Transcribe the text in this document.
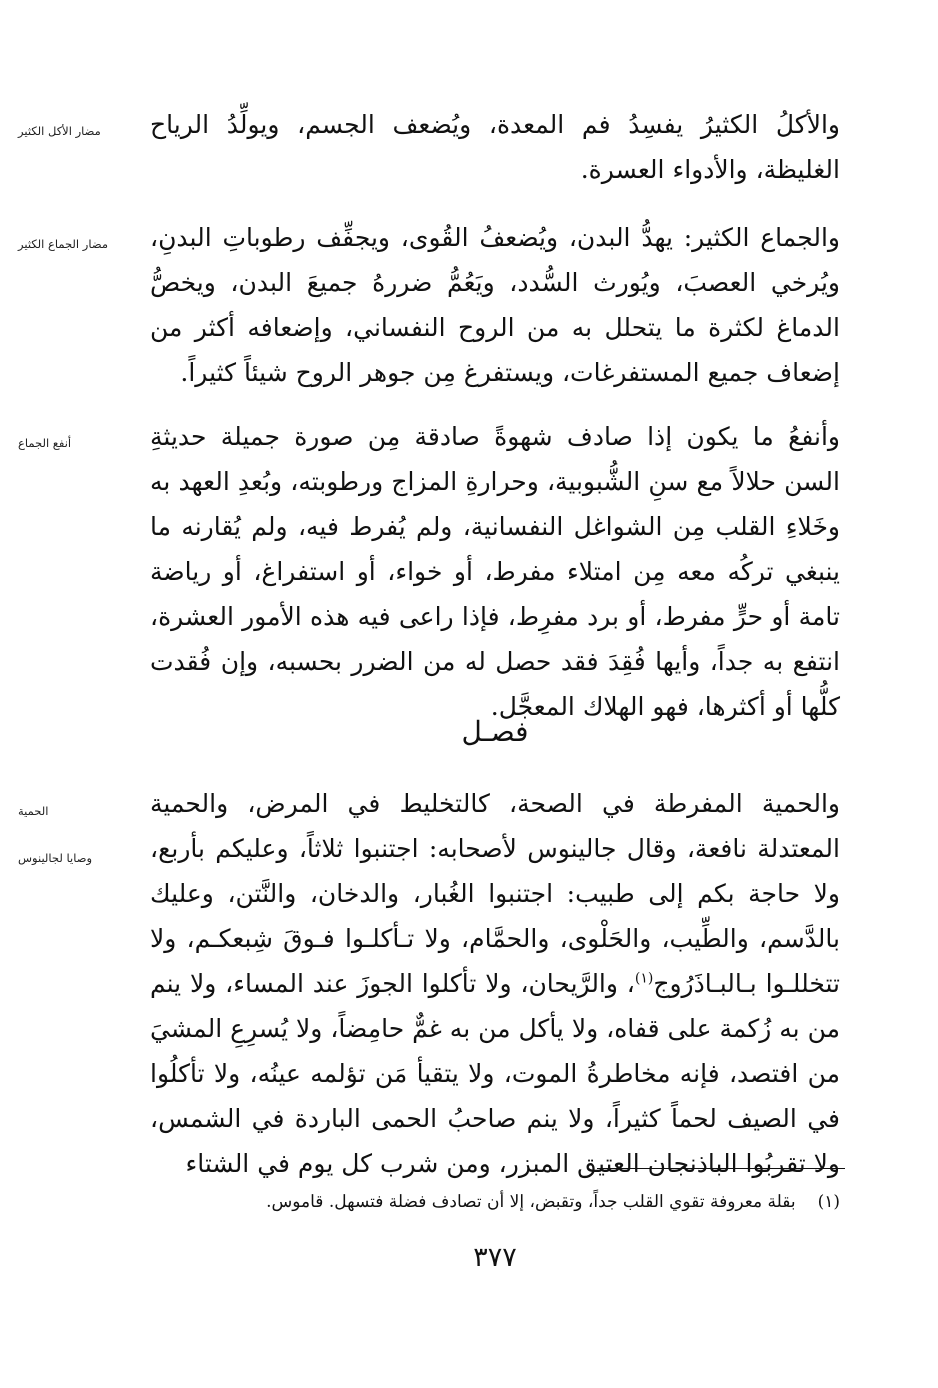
مضار الأكل الكثير	والأكلُ الكثيرُ يفسِدُ فم المعدة، ويُضعف الجسم، ويولِّدُ الرياح الغليظة، والأدواء العسرة.
مضار الجماع الكثير	والجماع الكثير: يهدُّ البدن، ويُضعفُ القُوى، ويجفِّف رطوباتِ البدنِ، ويُرخي العصبَ، ويُورث السُّدد، ويَعُمُّ ضررهُ جميعَ البدن، ويخصُّ الدماغ لكثرة ما يتحلل به من الروح النفساني، وإضعافه أكثر من إضعاف جميع المستفرغات، ويستفرغ مِن جوهر الروح شيئاً كثيراً.
أنفع الجماع	وأنفعُ ما يكون إذا صادف شهوةً صادقة مِن صورة جميلة حديثةِ السن حلالاً مع سنِ الشُّبوبية، وحرارةِ المزاج ورطوبته، وبُعدِ العهد به وخَلاءِ القلب مِن الشواغل النفسانية، ولم يُفرط فيه، ولم يُقارنه ما ينبغي تركُه معه مِن امتلاء مفرط، أو خواء، أو استفراغ، أو رياضة تامة أو حرٍّ مفرط، أو برد مفرِط، فإذا راعى فيه هذه الأمور العشرة، انتفع به جداً، وأيها فُقِدَ فقد حصل له من الضرر بحسبه، وإن فُقدت كلُّها أو أكثرها، فهو الهلاك المعجَّل.
فصـل
الحمية
وصايا لجالينوس
والحمية المفرطة في الصحة، كالتخليط في المرض، والحمية المعتدلة نافعة، وقال جالينوس لأصحابه: اجتنبوا ثلاثاً، وعليكم بأربع، ولا حاجة بكم إلى طبيب: اجتنبوا الغُبار، والدخان، والنَّتن، وعليك بالدَّسم، والطِّيب، والحَلْوى، والحمَّام، ولا تـأكلـوا فـوقَ شِبعكـم، ولا تتخللـوا بـالبـاذَرُوج$^{(١)}$، والرَّيحان، ولا تأكلوا الجوزَ عند المساء، ولا ينم من به زُكمة على قفاه، ولا يأكل من به غمٌّ حامِضاً، ولا يُسرِعِ المشيَ من افتصد، فإنه مخاطرةُ الموت، ولا يتقيأ مَن تؤلمه عينُه، ولا تأكلُوا في الصيف لحماً كثيراً، ولا ينم صاحبُ الحمى الباردة في الشمس، ولا تقربُوا الباذنجان العتيق المبزر، ومن شرب كل يوم في الشتاء
(١)بقلة معروفة تقوي القلب جداً، وتقبض، إلا أن تصادف فضلة فتسهل. قاموس.
٣٧٧
